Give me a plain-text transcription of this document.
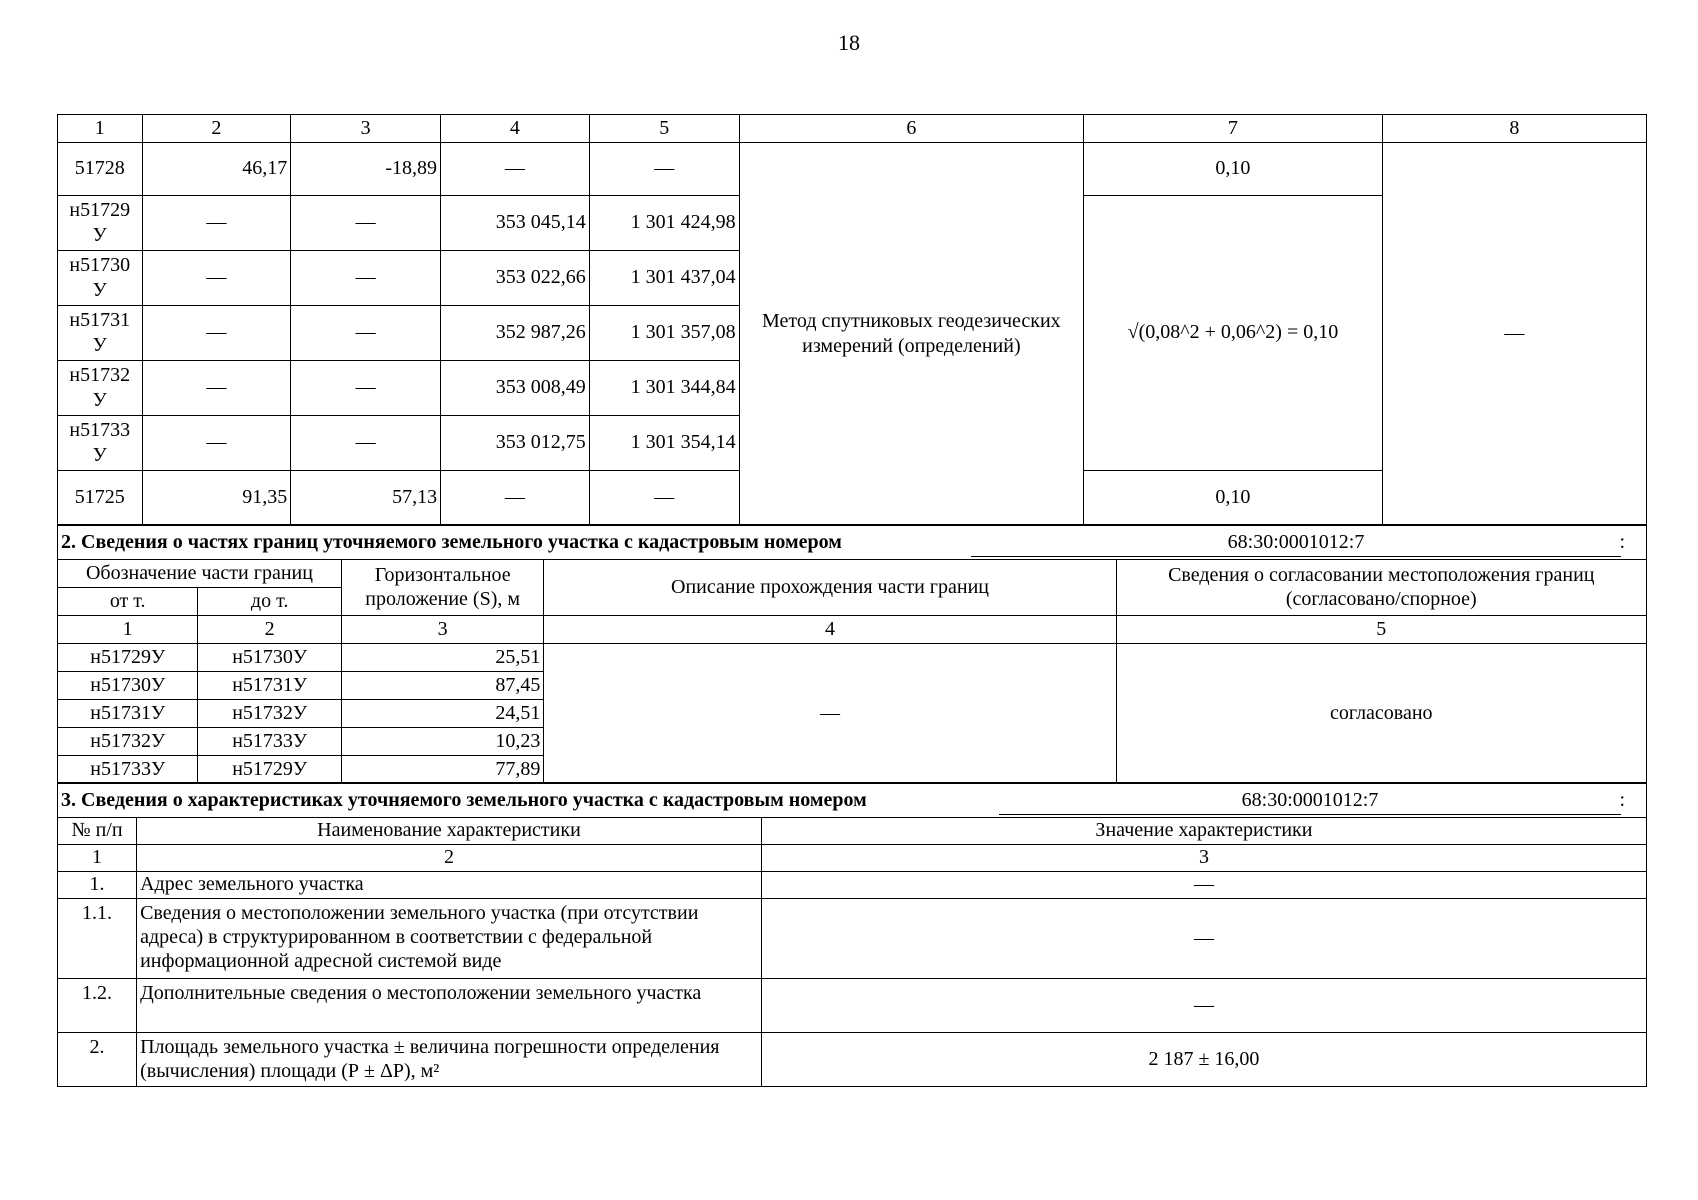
18
1	2	3	4	5	6	7	8
51728	46,17	-18,89	—	—	Метод спутниковых геодезических измерений (определений)	0,10	—
н51729 У	—	—	353 045,14	1 301 424,98		√(0,08^2 + 0,06^2) = 0,10	
н51730 У	—	—	353 022,66	1 301 437,04			
н51731 У	—	—	352 987,26	1 301 357,08			
н51732 У	—	—	353 008,49	1 301 344,84			
н51733 У	—	—	353 012,75	1 301 354,14			
51725	91,35	57,13	—	—		0,10	
2. Сведения о частях границ уточняемого земельного участка с кадастровым номером	68:30:0001012:7	:
Обозначение части границ		Горизонтальное проложение (S), м	Описание прохождения части границ	Сведения о согласовании местоположения границ (согласовано/спорное)
от т.	до т.			
1	2	3	4	5
н51729У	н51730У	25,51	—	согласовано
н51730У	н51731У	87,45		
н51731У	н51732У	24,51		
н51732У	н51733У	10,23		
н51733У	н51729У	77,89		
3. Сведения о характеристиках уточняемого земельного участка с кадастровым номером	68:30:0001012:7	:
№ п/п	Наименование характеристики	Значение характеристики
1	2	3
1.	Адрес земельного участка	—
1.1.	Сведения о местоположении земельного участка (при отсутствии адреса) в структурированном в соответствии с федеральной информационной адресной системой виде	—
1.2.	Дополнительные сведения о местоположении земельного участка	—
2.	Площадь земельного участка ± величина погрешности определения (вычисления) площади (Р ± ΔР), м²	2 187 ± 16,00
